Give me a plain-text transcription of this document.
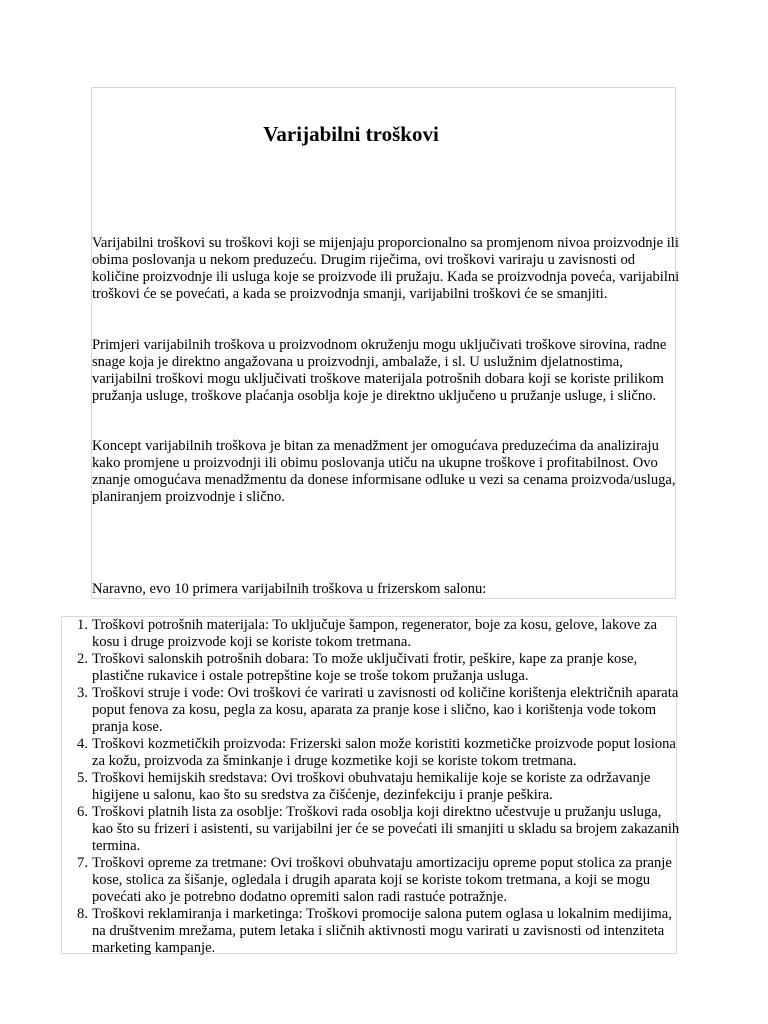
Varijabilni troškovi

Varijabilni troškovi su troškovi koji se mijenjaju proporcionalno sa promjenom nivoa proizvodnje ili obima poslovanja u nekom preduzeću. Drugim riječima, ovi troškovi variraju u zavisnosti od količine proizvodnje ili usluga koje se proizvode ili pružaju. Kada se proizvodnja poveća, varijabilni troškovi će se povećati, a kada se proizvodnja smanji, varijabilni troškovi će se smanjiti.

Primjeri varijabilnih troškova u proizvodnom okruženju mogu uključivati troškove sirovina, radne snage koja je direktno angažovana u proizvodnji, ambalaže, i sl. U uslužnim djelatnostima, varijabilni troškovi mogu uključivati troškove materijala potrošnih dobara koji se koriste prilikom pružanja usluge, troškove plaćanja osoblja koje je direktno uključeno u pružanje usluge, i slično.

Koncept varijabilnih troškova je bitan za menadžment jer omogućava preduzećima da analiziraju kako promjene u proizvodnji ili obimu poslovanja utiču na ukupne troškove i profitabilnost. Ovo znanje omogućava menadžmentu da donese informisane odluke u vezi sa cenama proizvoda/usluga, planiranjem proizvodnje i slično.

Naravno, evo 10 primera varijabilnih troškova u frizerskom salonu:

1. Troškovi potrošnih materijala: To uključuje šampon, regenerator, boje za kosu, gelove, lakove za kosu i druge proizvode koji se koriste tokom tretmana.
2. Troškovi salonskih potrošnih dobara: To može uključivati frotir, peškire, kape za pranje kose, plastične rukavice i ostale potrepštine koje se troše tokom pružanja usluga.
3. Troškovi struje i vode: Ovi troškovi će varirati u zavisnosti od količine korištenja električnih aparata poput fenova za kosu, pegla za kosu, aparata za pranje kose i slično, kao i korištenja vode tokom pranja kose.
4. Troškovi kozmetičkih proizvoda: Frizerski salon može koristiti kozmetičke proizvode poput losiona za kožu, proizvoda za šminkanje i druge kozmetike koji se koriste tokom tretmana.
5. Troškovi hemijskih sredstava: Ovi troškovi obuhvataju hemikalije koje se koriste za održavanje higijene u salonu, kao što su sredstva za čišćenje, dezinfekciju i pranje peškira.
6. Troškovi platnih lista za osoblje: Troškovi rada osoblja koji direktno učestvuje u pružanju usluga, kao što su frizeri i asistenti, su varijabilni jer će se povećati ili smanjiti u skladu sa brojem zakazanih termina.
7. Troškovi opreme za tretmane: Ovi troškovi obuhvataju amortizaciju opreme poput stolica za pranje kose, stolica za šišanje, ogledala i drugih aparata koji se koriste tokom tretmana, a koji se mogu povećati ako je potrebno dodatno opremiti salon radi rastuće potražnje.
8. Troškovi reklamiranja i marketinga: Troškovi promocije salona putem oglasa u lokalnim medijima, na društvenim mrežama, putem letaka i sličnih aktivnosti mogu varirati u zavisnosti od intenziteta marketing kampanje.
